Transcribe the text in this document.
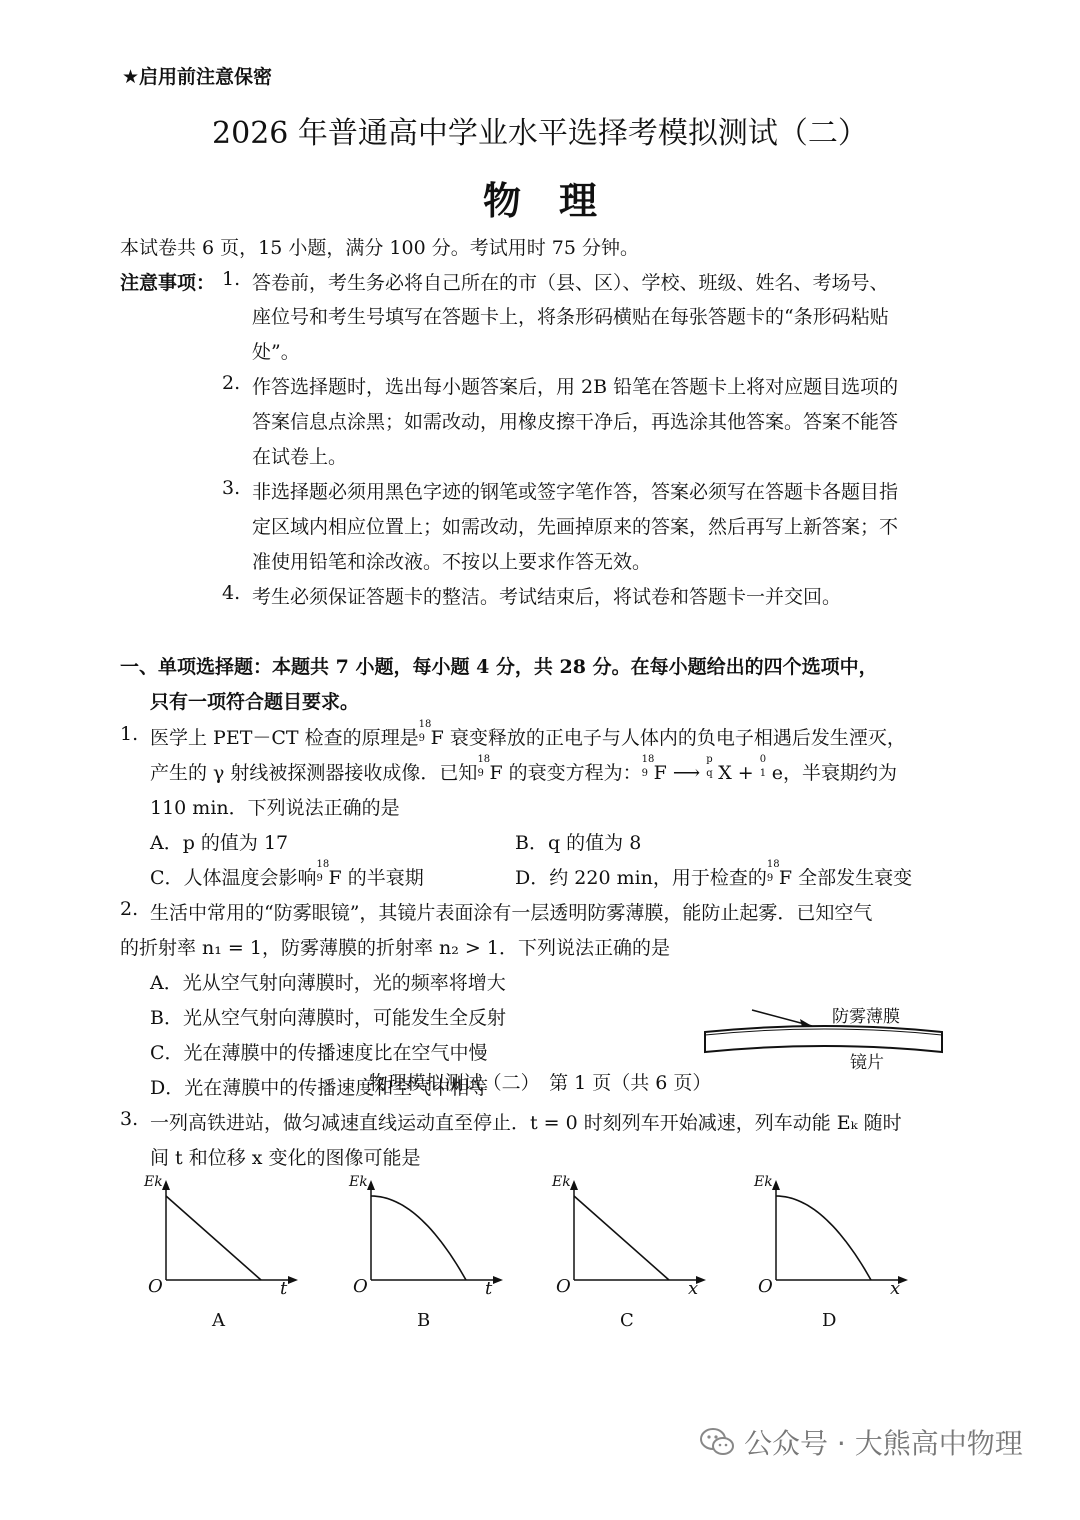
★启用前注意保密
2026 年普通高中学业水平选择考模拟测试（二）
物理
本试卷共 6 页，15 小题，满分 100 分。考试用时 75 分钟。
注意事项： 1. 答卷前，考生务必将自己所在的市（县、区）、学校、班级、姓名、考场号、
座位号和考生号填写在答题卡上，将条形码横贴在每张答题卡的“条形码粘贴
处”。
2. 作答选择题时，选出每小题答案后，用 2B 铅笔在答题卡上将对应题目选项的
答案信息点涂黑；如需改动，用橡皮擦干净后，再选涂其他答案。答案不能答
在试卷上。
3. 非选择题必须用黑色字迹的钢笔或签字笔作答，答案必须写在答题卡各题目指
定区域内相应位置上；如需改动，先画掉原来的答案，然后再写上新答案；不
准使用铅笔和涂改液。不按以上要求作答无效。
4. 考生必须保证答题卡的整洁。考试结束后，将试卷和答题卡一并交回。
一、单项选择题：本题共 7 小题，每小题 4 分，共 28 分。在每小题给出的四个选项中，
只有一项符合题目要求。
1. 医学上 PET－CT 检查的原理是
18
9 F 衰变释放的正电子与人体内的负电子相遇后发生湮灭，
产生的 γ 射线被探测器接收成像．已知
18
9 F 的衰变方程为：
18
9 F ⟶
p
q X +
0
1 e，半衰期约为
110 min．下列说法正确的是
A．p 的值为 17	B．q 的值为 8
C．人体温度会影响
18
9 F 的半衰期	D．约 220 min，用于检查的
18
9 F 全部发生衰变
2. 生活中常用的“防雾眼镜”，其镜片表面涂有一层透明防雾薄膜，能防止起雾．已知空气
的折射率 n₁ = 1，防雾薄膜的折射率 n₂ > 1．下列说法正确的是
A．光从空气射向薄膜时，光的频率将增大
B．光从空气射向薄膜时，可能发生全反射
C．光在薄膜中的传播速度比在空气中慢
D．光在薄膜中的传播速度和空气中相等
防雾薄膜
镜片
3. 一列高铁进站，做匀减速直线运动直至停止．t = 0 时刻列车开始减速，列车动能 Eₖ 随时
间 t 和位移 x 变化的图像可能是
Ek
O	t
A
Ek
O	t
B
Ek
O	x
C
Ek
O	x
D
物理模拟测试（二）　第 1 页（共 6 页）
公众号 · 大熊高中物理
